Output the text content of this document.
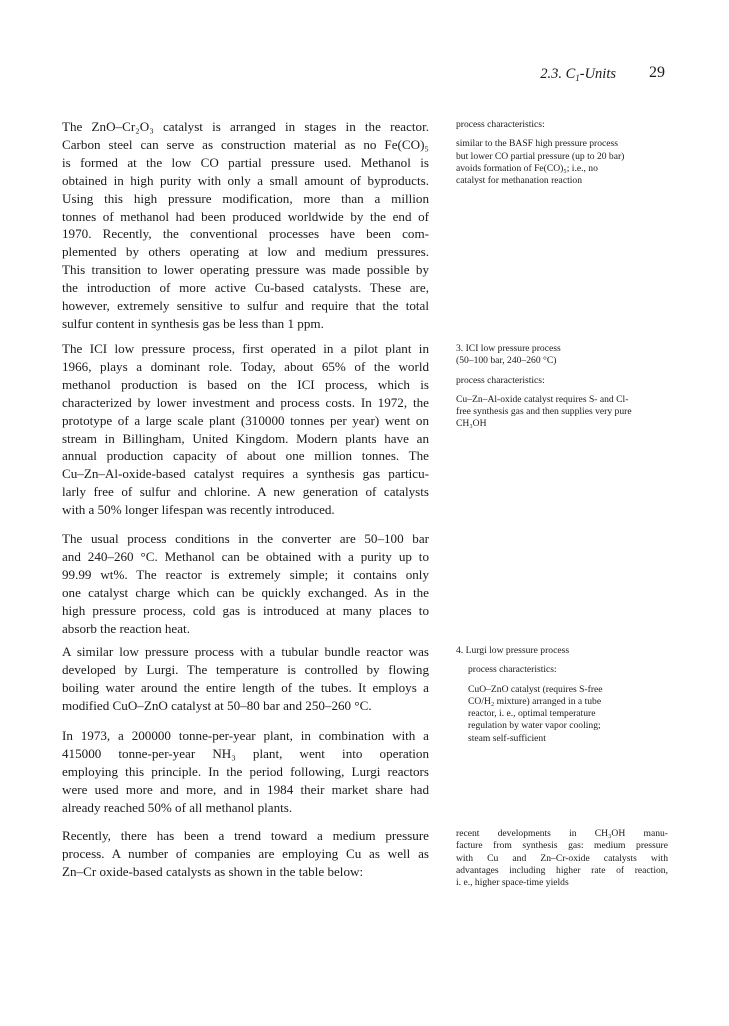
2.3. $C_1$-Units 29
The ZnO–Cr₂O₃ catalyst is arranged in stages in the reactor.
Carbon steel can serve as construction material as no Fe(CO)₅
is formed at the low CO partial pressure used. Methanol is
obtained in high purity with only a small amount of byproducts.
Using this high pressure modification, more than a million
tonnes of methanol had been produced worldwide by the end of
1970. Recently, the conventional processes have been com-
plemented by others operating at low and medium pressures.
This transition to lower operating pressure was made possible by
the introduction of more active Cu-based catalysts. These are,
however, extremely sensitive to sulfur and require that the total
sulfur content in synthesis gas be less than 1 ppm.
The ICI low pressure process, first operated in a pilot plant in
1966, plays a dominant role. Today, about 65% of the world
methanol production is based on the ICI process, which is
characterized by lower investment and process costs. In 1972, the
prototype of a large scale plant (310000 tonnes per year) went on
stream in Billingham, United Kingdom. Modern plants have an
annual production capacity of about one million tonnes. The
Cu–Zn–Al-oxide-based catalyst requires a synthesis gas particu-
larly free of sulfur and chlorine. A new generation of catalysts
with a 50% longer lifespan was recently introduced.
The usual process conditions in the converter are 50–100 bar
and 240–260 °C. Methanol can be obtained with a purity up to
99.99 wt%. The reactor is extremely simple; it contains only
one catalyst charge which can be quickly exchanged. As in the
high pressure process, cold gas is introduced at many places to
absorb the reaction heat.
A similar low pressure process with a tubular bundle reactor was
developed by Lurgi. The temperature is controlled by flowing
boiling water around the entire length of the tubes. It employs a
modified CuO–ZnO catalyst at 50–80 bar and 250–260 °C.
In 1973, a 200000 tonne-per-year plant, in combination with a
415000 tonne-per-year NH₃ plant, went into operation
employing this principle. In the period following, Lurgi reactors
were used more and more, and in 1984 their market share had
already reached 50% of all methanol plants.
Recently, there has been a trend toward a medium pressure
process. A number of companies are employing Cu as well as
Zn–Cr oxide-based catalysts as shown in the table below:
process characteristics:
similar to the BASF high pressure process
but lower CO partial pressure (up to 20 bar)
avoids formation of Fe(CO)₅; i.e., no
catalyst for methanation reaction
3. ICI low pressure process
(50–100 bar, 240–260 °C)
process characteristics:
Cu–Zn–Al-oxide catalyst requires S- and Cl-
free synthesis gas and then supplies very pure
CH₃OH
4. Lurgi low pressure process
process characteristics:
CuO–ZnO catalyst (requires S-free
CO/H₂ mixture) arranged in a tube
reactor, i. e., optimal temperature
regulation by water vapor cooling;
steam self-sufficient
recent developments in CH₃OH manu-
facture from synthesis gas: medium pressure
with Cu and Zn–Cr-oxide catalysts with
advantages including higher rate of reaction,
i. e., higher space-time yields
